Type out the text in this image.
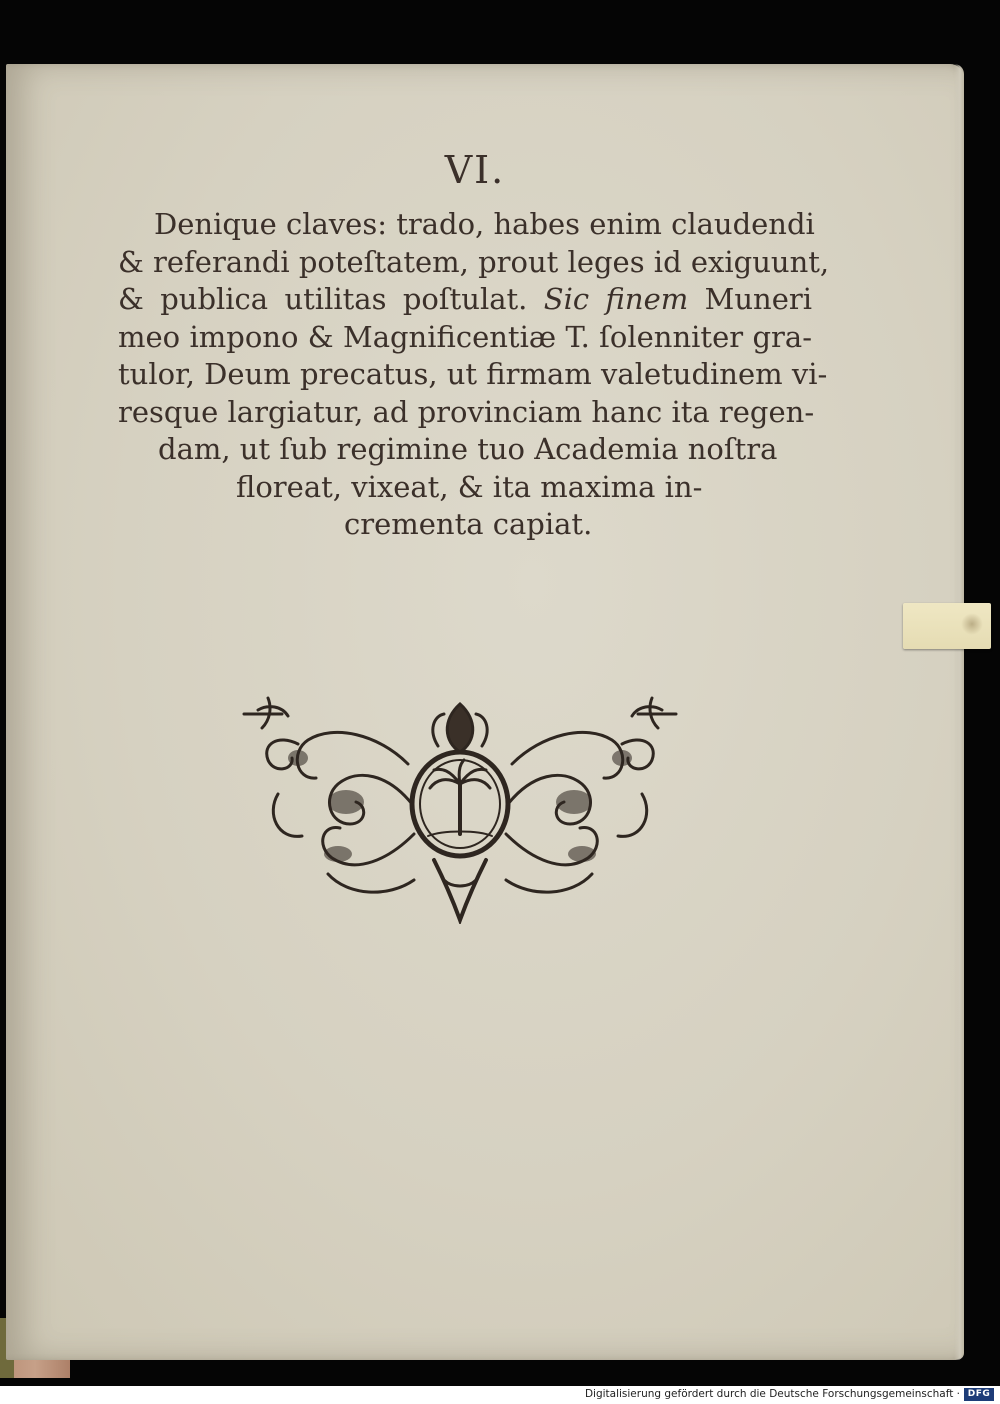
VI.
Denique claves: trado, habes enim claudendi
& referandi poteſtatem, prout leges id exiguunt,
& publica utilitas poſtulat. Sic finem Muneri
meo impono & Magnificentiæ T. ſolenniter gra-
tulor, Deum precatus, ut firmam valetudinem vi-
resque largiatur, ad provinciam hanc ita regen-
dam, ut ſub regimine tuo Academia noſtra
floreat, vixeat, & ita maxima in-
crementa capiat.
Digitalisierung gefördert durch die Deutsche Forschungsgemeinschaft · DFG
